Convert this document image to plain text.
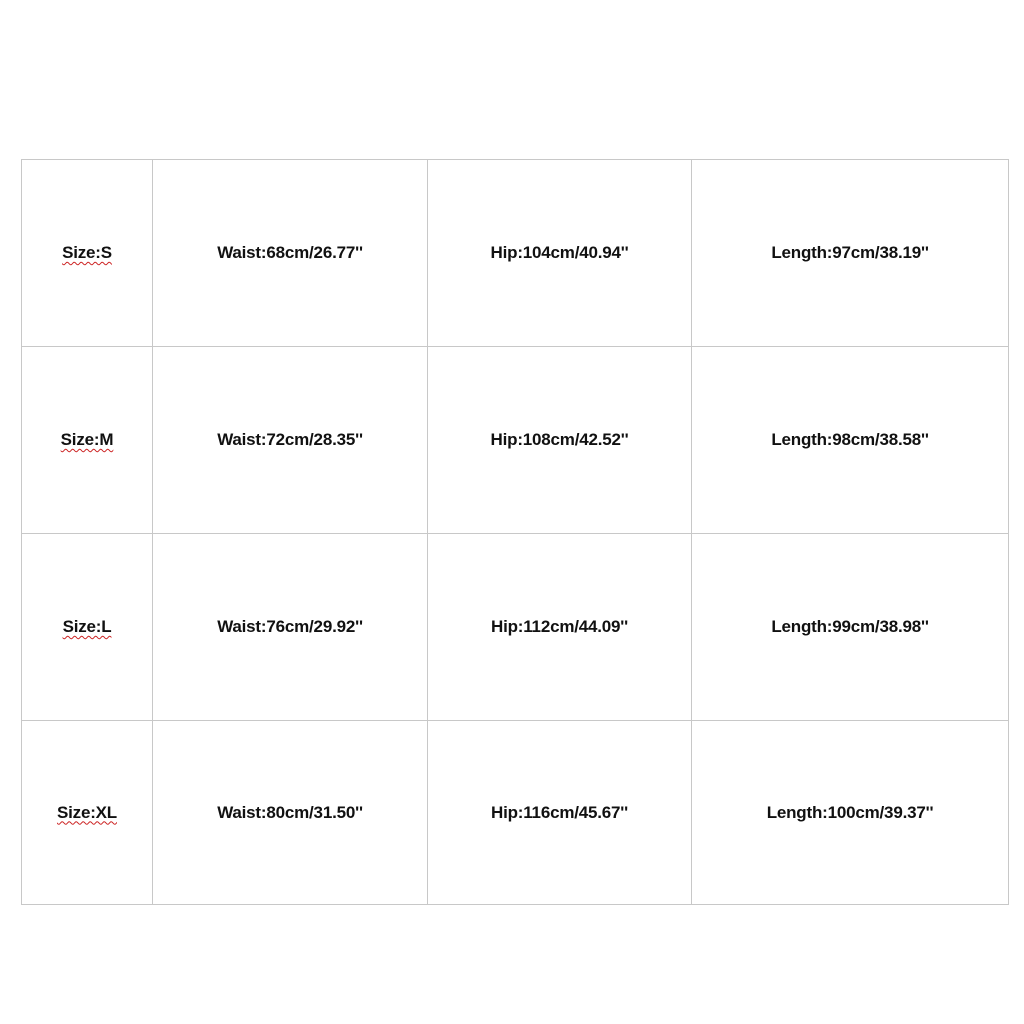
Size:S	Waist:68cm/26.77''	Hip:104cm/40.94''	Length:97cm/38.19''
Size:M	Waist:72cm/28.35''	Hip:108cm/42.52''	Length:98cm/38.58''
Size:L	Waist:76cm/29.92''	Hip:112cm/44.09''	Length:99cm/38.98''
Size:XL	Waist:80cm/31.50''	Hip:116cm/45.67''	Length:100cm/39.37''
